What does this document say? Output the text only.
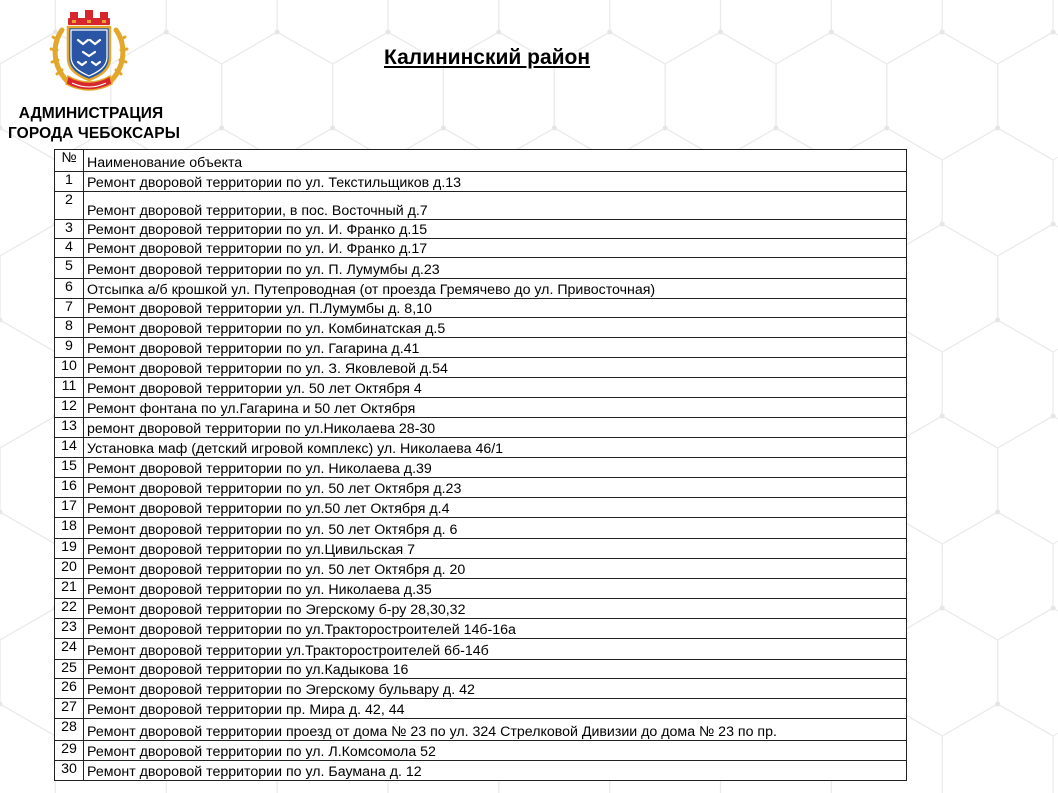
АДМИНИСТРАЦИЯ
ГОРОДА ЧЕБОКСАРЫ
Калининский район
№	Наименование объекта
1	Ремонт дворовой территории по ул. Текстильщиков д.13
2	Ремонт дворовой территории, в пос. Восточный д.7
3	Ремонт дворовой территории по ул. И. Франко д.15
4	Ремонт дворовой территории по ул. И. Франко д.17
5	Ремонт дворовой территории по ул. П. Лумумбы д.23
6	Отсыпка а/б крошкой ул. Путепроводная (от проезда Гремячево до ул. Привосточная)
7	Ремонт дворовой территории ул. П.Лумумбы д. 8,10
8	Ремонт дворовой территории по ул. Комбинатская д.5
9	Ремонт дворовой территории по ул. Гагарина д.41
10	Ремонт дворовой территории по ул. З. Яковлевой д.54
11	Ремонт дворовой территории ул. 50 лет Октября 4
12	Ремонт фонтана по ул.Гагарина и 50 лет Октября
13	ремонт дворовой территории по ул.Николаева 28-30
14	Установка маф (детский игровой комплекс) ул. Николаева 46/1
15	Ремонт дворовой территории по ул. Николаева д.39
16	Ремонт дворовой территории по ул. 50 лет Октября д.23
17	Ремонт дворовой территории по ул.50 лет Октября д.4
18	Ремонт дворовой территории по ул. 50 лет Октября д. 6
19	Ремонт дворовой территории по ул.Цивильская 7
20	Ремонт дворовой территории по ул. 50 лет Октября д. 20
21	Ремонт дворовой территории по ул. Николаева д.35
22	Ремонт дворовой территории по Эгерскому б-ру 28,30,32
23	Ремонт дворовой территории по ул.Тракторостроителей 14б-16а
24	Ремонт дворовой территории ул.Тракторостроителей 6б-14б
25	Ремонт дворовой территории по ул.Кадыкова 16
26	Ремонт дворовой территории по Эгерскому бульвару д. 42
27	Ремонт дворовой территории пр. Мира д. 42, 44
28	Ремонт дворовой территории проезд от дома № 23 по ул. 324 Стрелковой Дивизии до дома № 23 по пр.
29	Ремонт дворовой территории по ул. Л.Комсомола 52
30	Ремонт дворовой территории по ул. Баумана д. 12
